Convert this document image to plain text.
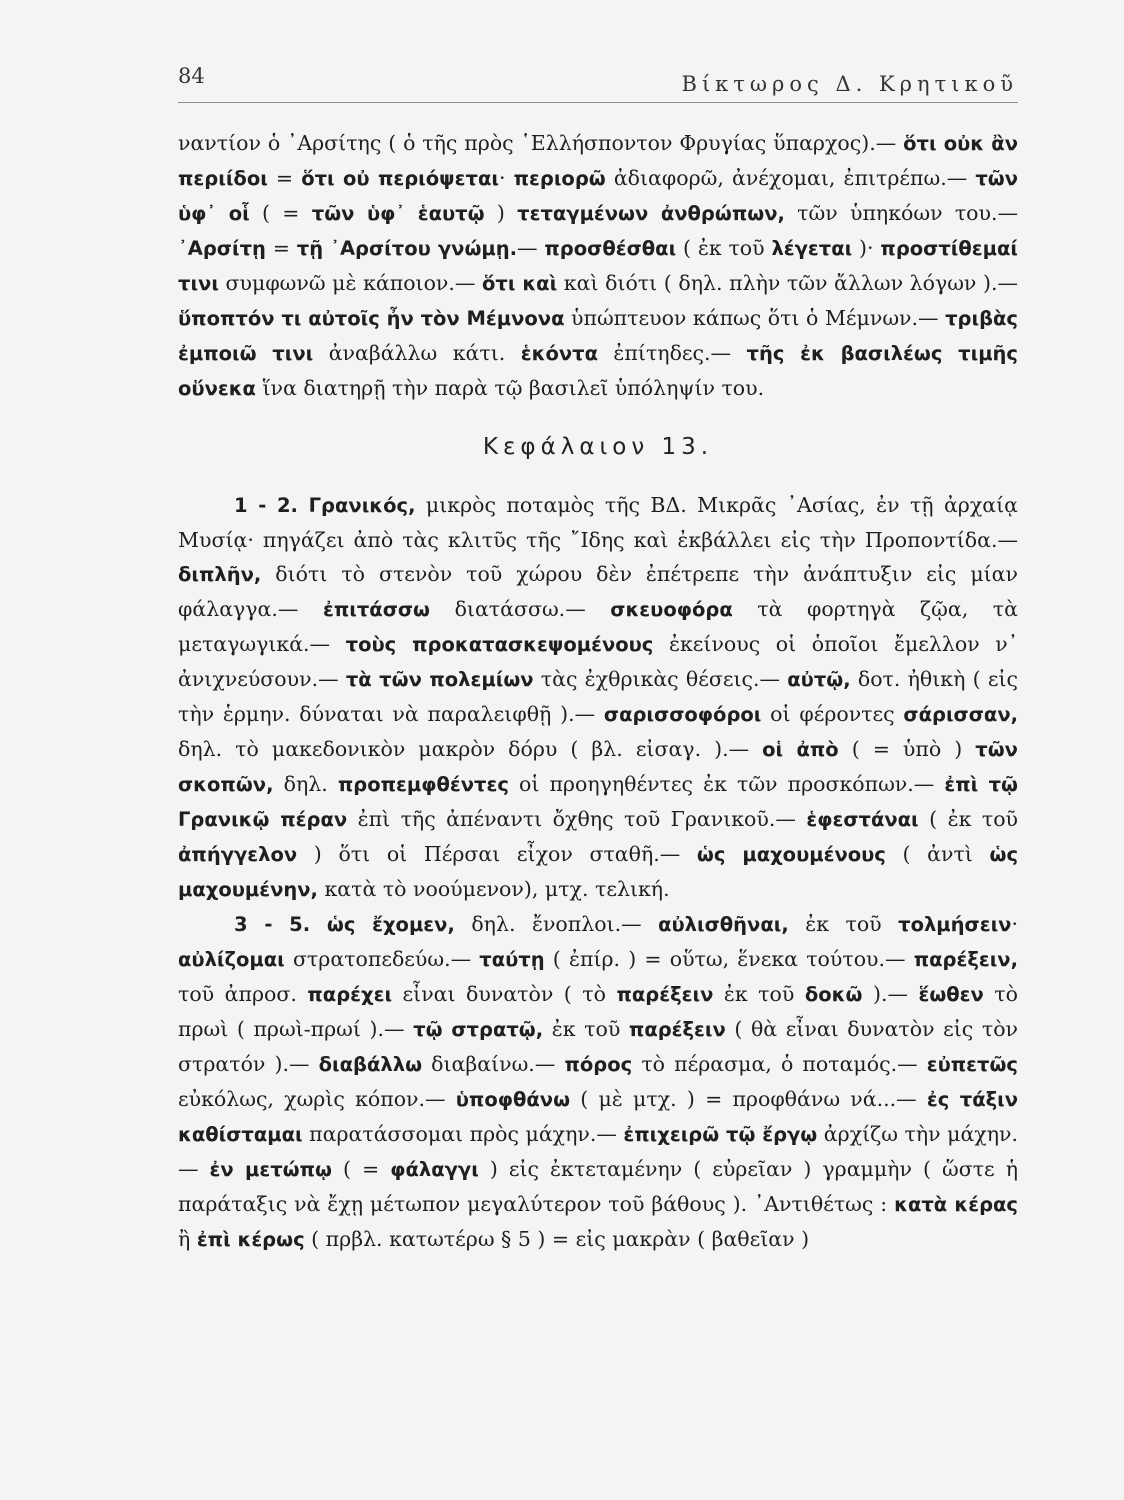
84	Βίκτωρος Δ. Κρητικοῦ

ναντίον ὁ ᾿Αρσίτης ( ὁ τῆς πρὸς ῾Ελλήσποντον Φρυγίας ὕπαρχος).— ὅτι οὐκ ἂν περιίδοι = ὅτι οὐ περιόψεται· περιορῶ ἀδιαφορῶ, ἀνέχομαι, ἐπιτρέπω.— τῶν ὑφ᾿ οἷ ( = τῶν ὑφ᾿ ἑαυτῷ ) τεταγμένων ἀνθρώπων, τῶν ὑπηκόων του.— ᾿Αρσίτῃ = τῇ ᾿Αρσίτου γνώμῃ.— προσθέσθαι ( ἐκ τοῦ λέγεται )· προστίθεμαί τινι συμφωνῶ μὲ κάποιον.— ὅτι καὶ καὶ διότι ( δηλ. πλὴν τῶν ἄλλων λόγων ).— ὕποπτόν τι αὐτοῖς ἦν τὸν Μέμνονα ὑπώπτευον κάπως ὅτι ὁ Μέμνων.— τριβὰς ἐμποιῶ τινι ἀναβάλλω κάτι. ἑκόντα ἐπίτηδες.— τῆς ἐκ βασιλέως τιμῆς οὕνεκα ἵνα διατηρῇ τὴν παρὰ τῷ βασιλεῖ ὑπόληψίν του.

Κεφάλαιον 13.

1 - 2. Γρανικός, μικρὸς ποταμὸς τῆς ΒΔ. Μικρᾶς ᾿Ασίας, ἐν τῇ ἀρχαίᾳ Μυσίᾳ· πηγάζει ἀπὸ τὰς κλιτῦς τῆς ῎Ιδης καὶ ἐκβάλλει εἰς τὴν Προποντίδα.— διπλῆν, διότι τὸ στενὸν τοῦ χώρου δὲν ἐπέτρεπε τὴν ἀνάπτυξιν εἰς μίαν φάλαγγα.— ἐπιτάσσω διατάσσω.— σκευοφόρα τὰ φορτηγὰ ζῷα, τὰ μεταγωγικά.— τοὺς προκατασκεψομένους ἐκείνους οἱ ὁποῖοι ἔμελλον ν᾿ ἀνιχνεύσουν.— τὰ τῶν πολεμίων τὰς ἐχθρικὰς θέσεις.— αὐτῷ, δοτ. ἠθικὴ ( εἰς τὴν ἑρμην. δύναται νὰ παραλειφθῇ ).— σαρισσοφόροι οἱ φέροντες σάρισσαν, δηλ. τὸ μακεδονικὸν μακρὸν δόρυ ( βλ. εἰσαγ. ).— οἱ ἀπὸ ( = ὑπὸ ) τῶν σκοπῶν, δηλ. προπεμφθέντες οἱ προηγηθέντες ἐκ τῶν προσκόπων.— ἐπὶ τῷ Γρανικῷ πέραν ἐπὶ τῆς ἀπέναντι ὄχθης τοῦ Γρανικοῦ.— ἑφεστάναι ( ἐκ τοῦ ἀπήγγελον ) ὅτι οἱ Πέρσαι εἶχον σταθῆ.— ὡς μαχουμένους ( ἀντὶ ὡς μαχουμένην, κατὰ τὸ νοούμενον), μτχ. τελική.

3 - 5. ὡς ἔχομεν, δηλ. ἔνοπλοι.— αὐλισθῆναι, ἐκ τοῦ τολμήσειν· αὐλίζομαι στρατοπεδεύω.— ταύτῃ ( ἐπίρ. ) = οὕτω, ἕνεκα τούτου.— παρέξειν, τοῦ ἀπροσ. παρέχει εἶναι δυνατὸν ( τὸ παρέξειν ἐκ τοῦ δοκῶ ).— ἕωθεν τὸ πρωὶ ( πρωὶ-πρωί ).— τῷ στρατῷ, ἐκ τοῦ παρέξειν ( θὰ εἶναι δυνατὸν εἰς τὸν στρατόν ).— διαβάλλω διαβαίνω.— πόρος τὸ πέρασμα, ὁ ποταμός.— εὐπετῶς εὐκόλως, χωρὶς κόπον.— ὑποφθάνω ( μὲ μτχ. ) = προφθάνω νά...— ἐς τάξιν καθίσταμαι παρατάσσομαι πρὸς μάχην.— ἐπιχειρῶ τῷ ἔργῳ ἀρχίζω τὴν μάχην.— ἐν μετώπῳ ( = φάλαγγι ) εἰς ἐκτεταμένην ( εὐρεῖαν ) γραμμὴν ( ὥστε ἡ παράταξις νὰ ἔχῃ μέτωπον μεγαλύτερον τοῦ βάθους ). ᾿Αντιθέτως : κατὰ κέρας ἢ ἐπὶ κέρως ( πρβλ. κατωτέρω § 5 ) = εἰς μακρὰν ( βαθεῖαν )
